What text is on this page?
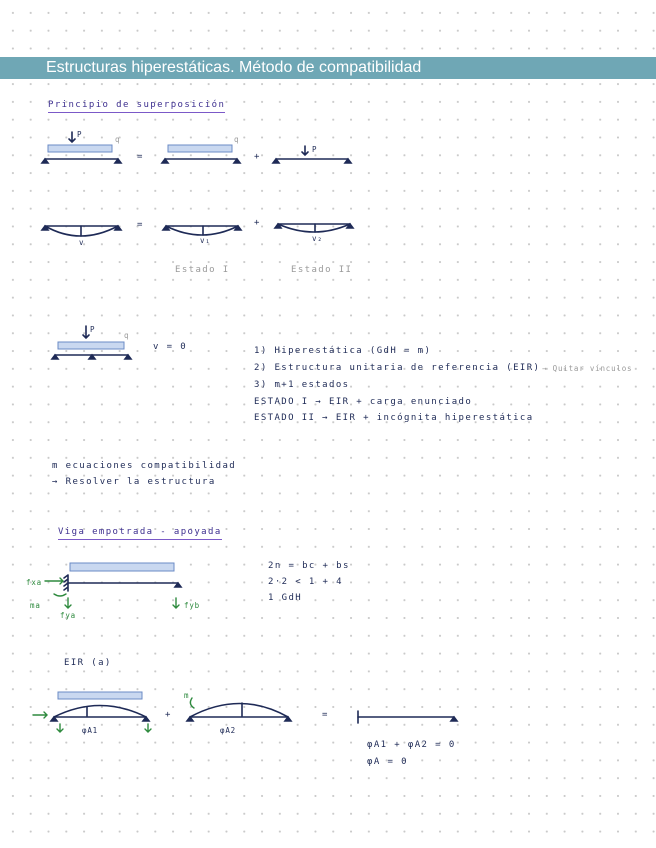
Estructuras hiperestáticas. Método de compatibilidad
Principio de superposición
Viga empotrada - apoyada
P
q
=
q
+
P
=	+
v	v₁	v₂
Estado I	Estado II
P
q
v = 0	1) Hiperestática (GdH = m)
2) Estructura unitaria de referencia (EIR) → Quitar vínculos
3) m+1 estados
ESTADO I → EIR + carga enunciado
ESTADO II → EIR + incógnita hiperestática
m ecuaciones compatibilidad
→ Resolver la estructura
fxa
ma
fya
fyb
2n = bc + bs
2·2 < 1 + 4
1 GdH
EIR (a)
+
m
φA1	φA2
=
φA1 + φA2 = 0
φA = 0
